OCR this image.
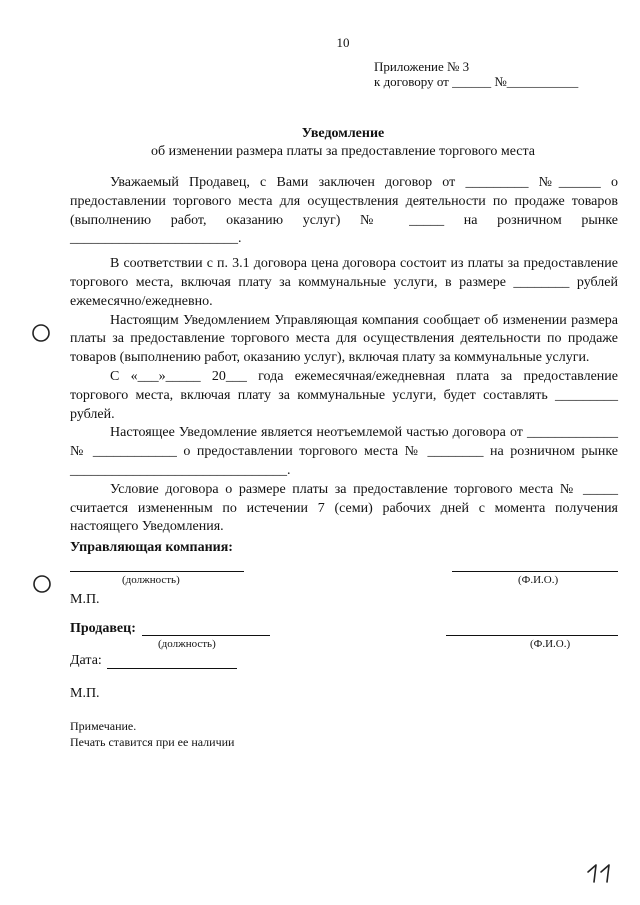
10
Приложение № 3
к договору от ______ №___________
Уведомление
об изменении размера платы за предоставление торгового места

Уважаемый Продавец, с Вами заключен договор от _________ №______ о предоставлении торгового места для осуществления деятельности по продаже товаров (выполнению работ, оказанию услуг) № _____ на розничном рынке ________________________.

В соответствии с п. 3.1 договора цена договора состоит из платы за предоставление торгового места, включая плату за коммунальные услуги, в размере ________ рублей ежемесячно/ежедневно.

Настоящим Уведомлением Управляющая компания сообщает об изменении размера платы за предоставление торгового места для осуществления деятельности по продаже товаров (выполнению работ, оказанию услуг), включая плату за коммунальные услуги.

С «___»_____ 20___ года ежемесячная/ежедневная плата за предоставление торгового места, включая плату за коммунальные услуги, будет составлять _________ рублей.

Настоящее Уведомление является неотъемлемой частью договора от _____________ № ____________ о предоставлении торгового места № ________ на розничном рынке _______________________________.

Условие договора о размере платы за предоставление торгового места № _____ считается измененным по истечении 7 (семи) рабочих дней с момента получения настоящего Уведомления.

Управляющая компания:
(должность)	(Ф.И.О.)
М.П.
Продавец:
(должность)	(Ф.И.О.)
Дата:
М.П.
Примечание.
Печать ставится при ее наличии
